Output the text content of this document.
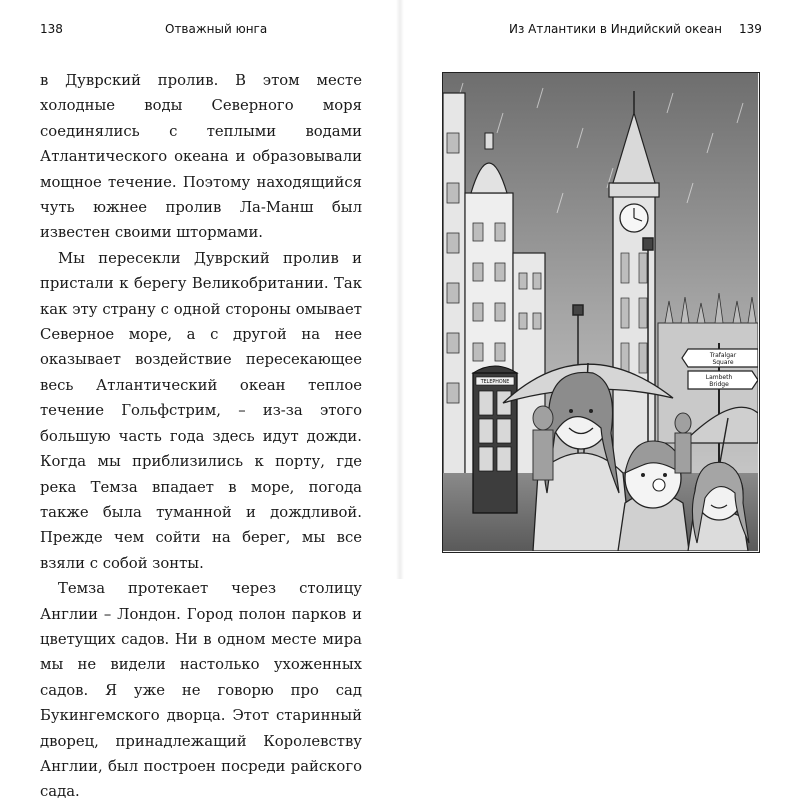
138	Отважный юнга

в Дуврский пролив. В этом месте холодные воды Северного моря соединялись с теплыми водами Атлантического океана и образовывали мощное течение. Поэтому находящийся чуть южнее пролив Ла-Манш был известен своими штормами.

Мы пересекли Дуврский пролив и пристали к берегу Великобритании. Так как эту страну с одной стороны омывает Северное море, а с другой на нее оказывает воздействие пересекающее весь Атлантический океан теплое течение Гольфстрим, – из-за этого большую часть года здесь идут дожди. Когда мы приблизились к порту, где река Темза впадает в море, погода также была туманной и дождливой. Прежде чем сойти на берег, мы все взяли с собой зонты.

Темза протекает через столицу Англии – Лондон. Город полон парков и цветущих садов. Ни в одном месте мира мы не видели настолько ухоженных садов. Я уже не говорю про сад Букингемского дворца. Этот старинный дворец, принадлежащий Королевству Англии, был построен посреди райского сада.

Из Атлантики в Индийский океан 139
Trafalgar
Square
Lambeth
Bridge
TELEPHONE
